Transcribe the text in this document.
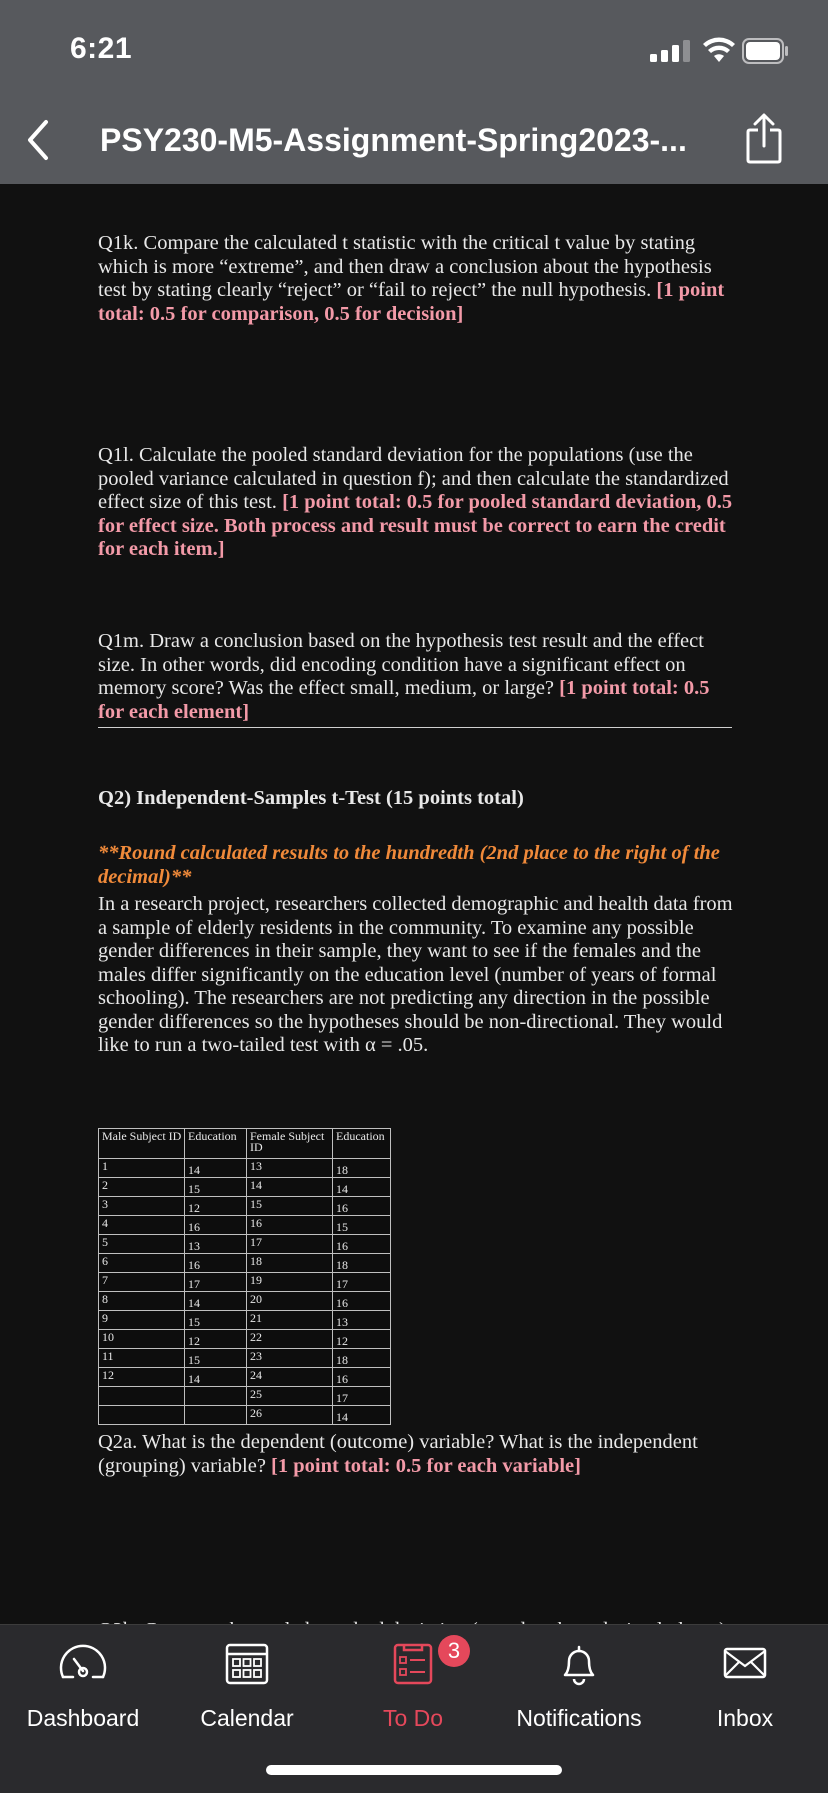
6:21
PSY230-M5-Assignment-Spring2023-...

Q1k. Compare the calculated t statistic with the critical t value by stating which is more “extreme”, and then draw a conclusion about the hypothesis test by stating clearly “reject” or “fail to reject” the null hypothesis. [1 point total: 0.5 for comparison, 0.5 for decision]

Q1l. Calculate the pooled standard deviation for the populations (use the pooled variance calculated in question f); and then calculate the standardized effect size of this test. [1 point total: 0.5 for pooled standard deviation, 0.5 for effect size. Both process and result must be correct to earn the credit for each item.]

Q1m. Draw a conclusion based on the hypothesis test result and the effect size. In other words, did encoding condition have a significant effect on memory score? Was the effect small, medium, or large? [1 point total: 0.5 for each element]

Q2) Independent-Samples t-Test (15 points total)

**Round calculated results to the hundredth (2nd place to the right of the decimal)**

In a research project, researchers collected demographic and health data from a sample of elderly residents in the community. To examine any possible gender differences in their sample, they want to see if the females and the males differ significantly on the education level (number of years of formal schooling). The researchers are not predicting any direction in the possible gender differences so the hypotheses should be non-directional. They would like to run a two-tailed test with α = .05.

Male Subject ID	Education	Female Subject ID	Education
1	14	13	18
2	15	14	14
3	12	15	16
4	16	16	15
5	13	17	16
6	16	18	18
7	17	19	17
8	14	20	16
9	15	21	13
10	12	22	12
11	15	23	18
12	14	24	16
		25	17
		26	14

Q2a. What is the dependent (outcome) variable? What is the independent (grouping) variable? [1 point total: 0.5 for each variable]

Dashboard	Calendar	To Do
3
Notifications	Inbox
